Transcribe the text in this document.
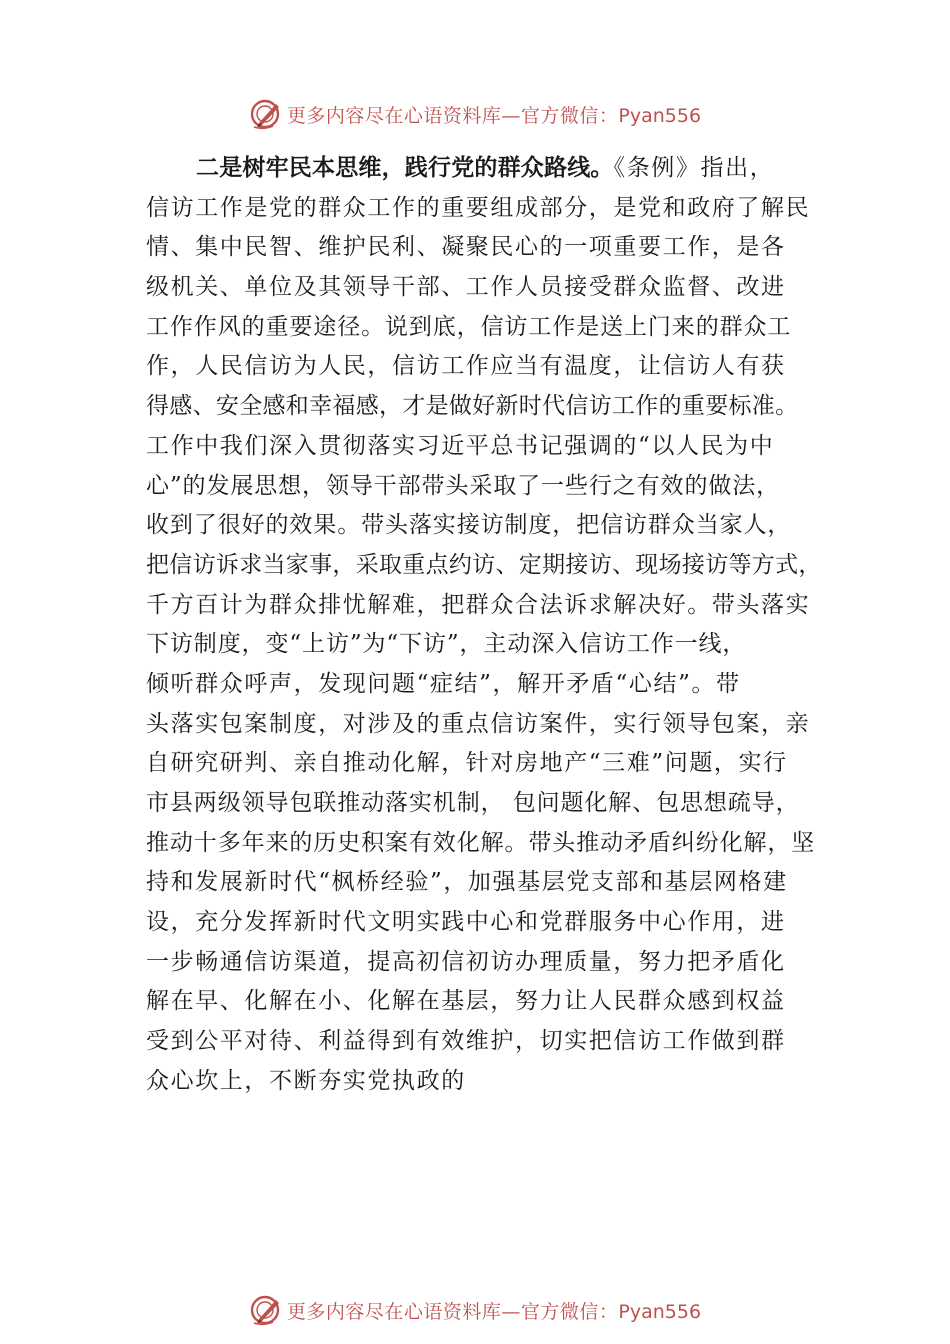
更多内容尽在心语资料库—官方微信：Pyan556
二是树牢民本思维，践行党的群众路线。《条例》指出，
信访工作是党的群众工作的重要组成部分，是党和政府了解民
情、集中民智、维护民利、凝聚民心的一项重要工作，是各
级机关、单位及其领导干部、工作人员接受群众监督、改进
工作作风的重要途径。说到底，信访工作是送上门来的群众工
作，人民信访为人民，信访工作应当有温度，让信访人有获
得感、安全感和幸福感，才是做好新时代信访工作的重要标准。
工作中我们深入贯彻落实习近平总书记强调的“以人民为中
心”的发展思想，领导干部带头采取了一些行之有效的做法，
收到了很好的效果。带头落实接访制度，把信访群众当家人，
把信访诉求当家事，采取重点约访、定期接访、现场接访等方式，
千方百计为群众排忧解难，把群众合法诉求解决好。带头落实
下访制度，变“上访”为“下访”，主动深入信访工作一线，
倾听群众呼声，发现问题“症结”，解开矛盾“心结”。带
头落实包案制度，对涉及的重点信访案件，实行领导包案，亲
自研究研判、亲自推动化解，针对房地产“三难”问题，实行
市县两级领导包联推动落实机制， 包问题化解、包思想疏导，
推动十多年来的历史积案有效化解。带头推动矛盾纠纷化解，坚
持和发展新时代“枫桥经验”，加强基层党支部和基层网格建
设，充分发挥新时代文明实践中心和党群服务中心作用，进
一步畅通信访渠道，提高初信初访办理质量，努力把矛盾化
解在早、化解在小、化解在基层，努力让人民群众感到权益
受到公平对待、利益得到有效维护，切实把信访工作做到群
众心坎上，不断夯实党执政的
更多内容尽在心语资料库—官方微信：Pyan556
